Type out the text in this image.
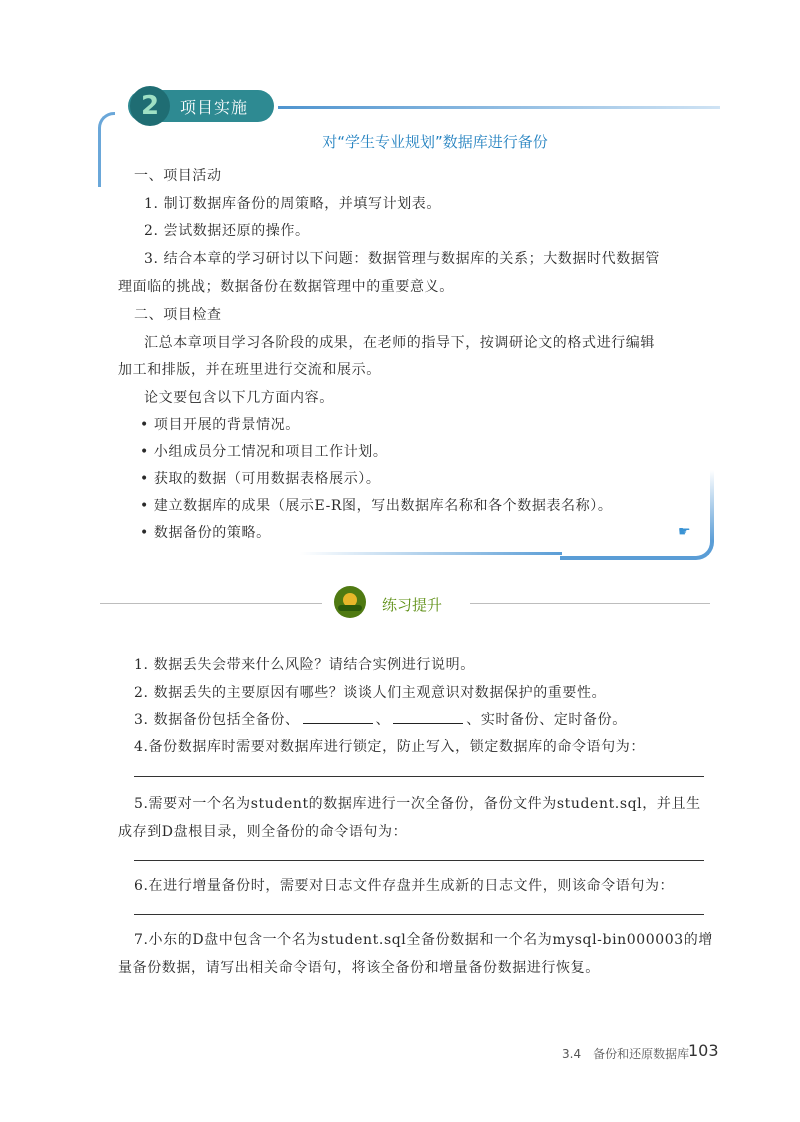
2	项目实施
对“学生专业规划”数据库进行备份
一、项目活动
1. 制订数据库备份的周策略，并填写计划表。
2. 尝试数据还原的操作。
3. 结合本章的学习研讨以下问题：数据管理与数据库的关系；大数据时代数据管
理面临的挑战；数据备份在数据管理中的重要意义。
二、项目检查
汇总本章项目学习各阶段的成果，在老师的指导下，按调研论文的格式进行编辑
加工和排版，并在班里进行交流和展示。
论文要包含以下几方面内容。
• 项目开展的背景情况。
• 小组成员分工情况和项目工作计划。
• 获取的数据（可用数据表格展示）。
• 建立数据库的成果（展示E-R图，写出数据库名称和各个数据表名称）。
• 数据备份的策略。	☛
练习提升
1. 数据丢失会带来什么风险？请结合实例进行说明。
2. 数据丢失的主要原因有哪些？谈谈人们主观意识对数据保护的重要性。
3. 数据备份包括全备份、	、	、实时备份、定时备份。
4.备份数据库时需要对数据库进行锁定，防止写入，锁定数据库的命令语句为：
5.需要对一个名为student的数据库进行一次全备份，备份文件为student.sql，并且生
成存到D盘根目录，则全备份的命令语句为：
6.在进行增量备份时，需要对日志文件存盘并生成新的日志文件，则该命令语句为：
7.小东的D盘中包含一个名为student.sql全备份数据和一个名为mysql-bin000003的增
量备份数据，请写出相关命令语句，将该全备份和增量备份数据进行恢复。
3.4　备份和还原数据库
103
